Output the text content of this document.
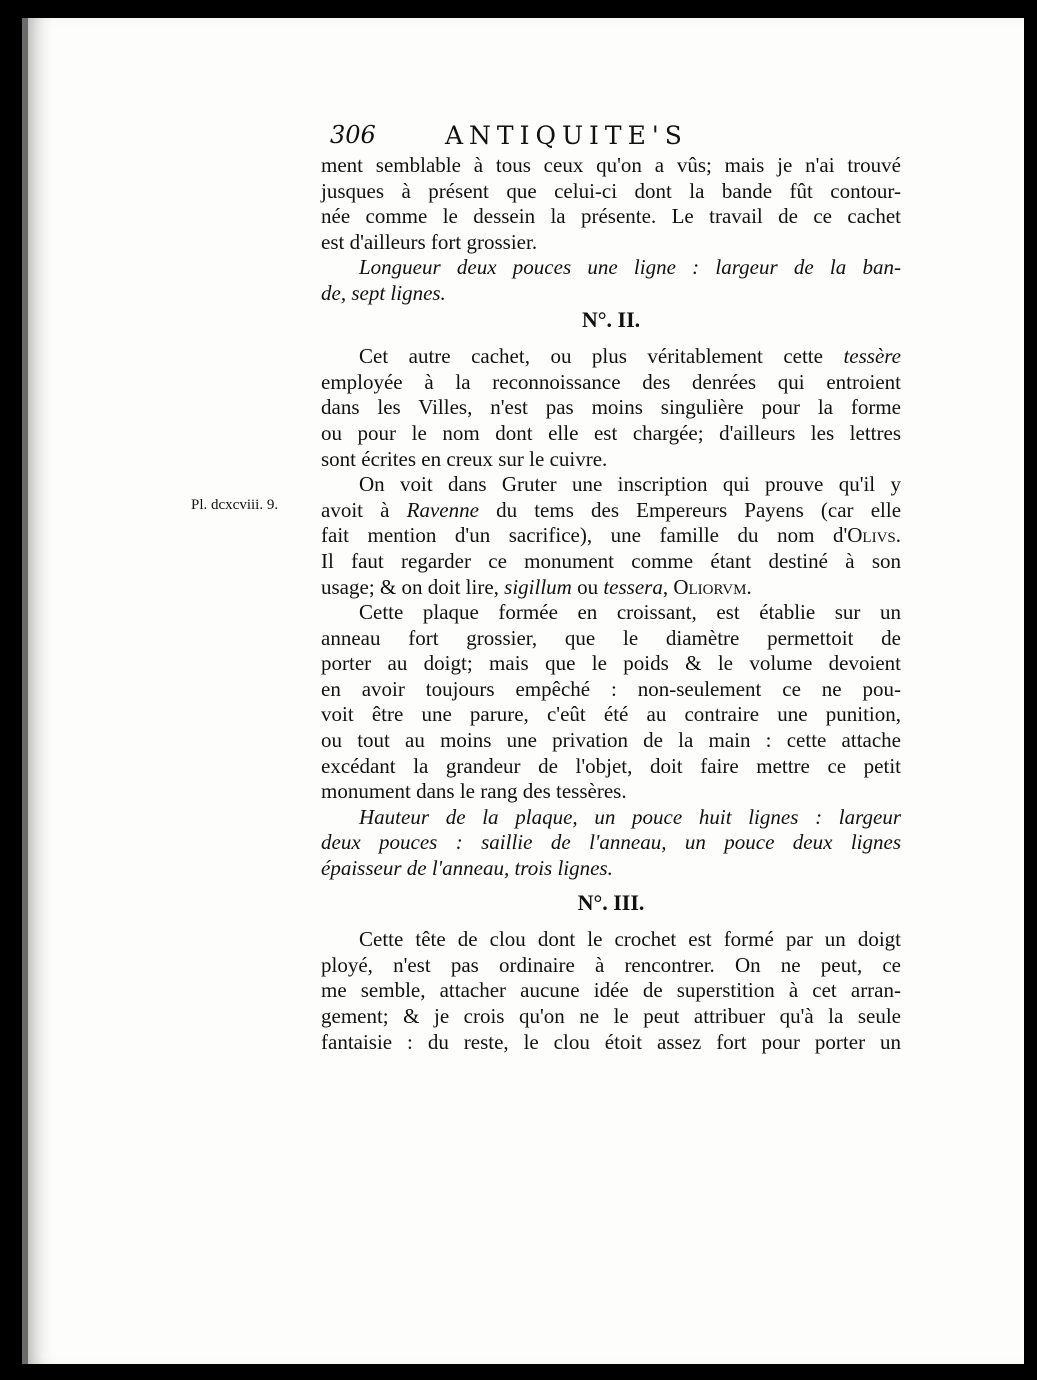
306	ANTIQUITE'S
Pl. dcxcviii. 9.
ment semblable à tous ceux qu'on a vûs; mais je n'ai trouvé
jusques à présent que celui-ci dont la bande fût contour-
née comme le dessein la présente. Le travail de ce cachet
est d'ailleurs fort grossier.
Longueur deux pouces une ligne : largeur de la ban-
de, sept lignes.
N°. II.
Cet autre cachet, ou plus véritablement cette tessère
employée à la reconnoissance des denrées qui entroient
dans les Villes, n'est pas moins singulière pour la forme
ou pour le nom dont elle est chargée; d'ailleurs les lettres
sont écrites en creux sur le cuivre.
On voit dans Gruter une inscription qui prouve qu'il y
avoit à Ravenne du tems des Empereurs Payens (car elle
fait mention d'un sacrifice), une famille du nom d'Olivs.
Il faut regarder ce monument comme étant destiné à son
usage; & on doit lire, sigillum ou tessera, Oliorvm.
Cette plaque formée en croissant, est établie sur un
anneau fort grossier, que le diamètre permettoit de
porter au doigt; mais que le poids & le volume devoient
en avoir toujours empêché : non-seulement ce ne pou-
voit être une parure, c'eût été au contraire une punition,
ou tout au moins une privation de la main : cette attache
excédant la grandeur de l'objet, doit faire mettre ce petit
monument dans le rang des tessères.
Hauteur de la plaque, un pouce huit lignes : largeur
deux pouces : saillie de l'anneau, un pouce deux lignes
épaisseur de l'anneau, trois lignes.
N°. III.
Cette tête de clou dont le crochet est formé par un doigt
ployé, n'est pas ordinaire à rencontrer. On ne peut, ce
me semble, attacher aucune idée de superstition à cet arran-
gement; & je crois qu'on ne le peut attribuer qu'à la seule
fantaisie : du reste, le clou étoit assez fort pour porter un
